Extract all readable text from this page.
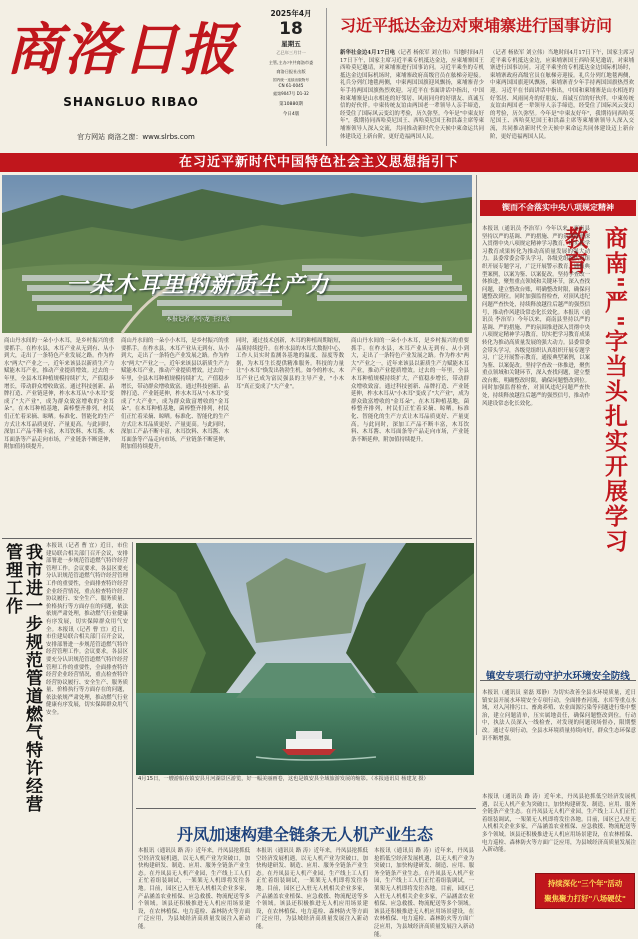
商洛日报
SHANGLUO RIBAO
官方网站 商洛之窗：www.slrbs.com
2025年4月
18
星期五
乙巳年三月廿一
主管,主办:中共商洛市委
商洛日报社出版
国内统一连续出版物号
CN 61-0045
総第9047号 D1-32
第10880期
今日4版
习近平抵达金边对柬埔寨进行国事访问
新华社金边4月17日电（记者 杨依军 刘立伟）当地时间4月17日下午，国家主席习近平乘专机抵达金边，应柬埔寨国王西哈莫尼邀请，对柬埔寨进行国事访问。习近平乘坐的专机抵达金边国际机场时，柬埔寨政府高级官员在舷梯旁迎接。礼兵分列红地毯两侧，中柬两国国旗迎风飘扬，柬埔寨青少年手持两国国旗热烈欢迎。习近平在书面讲话中指出，中国和柬埔寨是山水相连的好邻居、风雨同舟的好朋友、真诚互信的好伙伴。中柬传统友谊由两国老一辈领导人亲手缔造，经受住了国际风云变幻的考验，历久弥坚。今年是"中柬友好年"，我期待同西哈莫尼国王、西哈莫尼国王和洪森主席等柬埔寨领导人深入交流，共同推动新时代全天候中柬命运共同体建设迈上新台阶，更好造福两国人民。
（记者 杨依军 刘立伟）当地时间4月17日下午，国家主席习近平乘专机抵达金边，应柬埔寨国王西哈莫尼邀请，对柬埔寨进行国事访问。习近平乘坐的专机抵达金边国际机场时，柬埔寨政府高级官员在舷梯旁迎接。礼兵分列红地毯两侧，中柬两国国旗迎风飘扬，柬埔寨青少年手持两国国旗热烈欢迎。习近平在书面讲话中指出，中国和柬埔寨是山水相连的好邻居、风雨同舟的好朋友、真诚互信的好伙伴。中柬传统友谊由两国老一辈领导人亲手缔造，经受住了国际风云变幻的考验，历久弥坚。今年是"中柬友好年"，我期待同西哈莫尼国王、西哈莫尼国王和洪森主席等柬埔寨领导人深入交流，共同推动新时代全天候中柬命运共同体建设迈上新台阶，更好造福两国人民。
在习近平新时代中国特色社会主义思想指引下
一朵木耳里的新质生产力
本报记者 李小龙 王江波
商山丹水间的一朵小小木耳，是乡村振兴的重要抓手。在柞水县，木耳产业从无到有、从小到大，走出了一条特色产业发展之路。作为柞水"两大"产业之一，近年来该县以新质生产力赋能木耳产业，推动产业提质增效。过去的一年里，全县木耳种植规模持续扩大，产值稳步增长，带动群众增收致富。通过科技创新、品牌打造、产业链延伸，柞水木耳从"小木耳"变成了"大产业"，成为群众致富增收的"金耳朵"。在木耳种植基地，菌棒整齐排列，村民们正忙着采摘、晾晒。标准化、智能化的生产方式让木耳品质更好、产量更高。与此同时，深加工产品不断丰富，木耳饮料、木耳酱、木耳面条等产品走向市场，产业链条不断延伸，附加值持续提升。
商山丹水间的一朵小小木耳，是乡村振兴的重要抓手。在柞水县，木耳产业从无到有、从小到大，走出了一条特色产业发展之路。作为柞水"两大"产业之一，近年来该县以新质生产力赋能木耳产业，推动产业提质增效。过去的一年里，全县木耳种植规模持续扩大，产值稳步增长，带动群众增收致富。通过科技创新、品牌打造、产业链延伸，柞水木耳从"小木耳"变成了"大产业"，成为群众致富增收的"金耳朵"。在木耳种植基地，菌棒整齐排列，村民们正忙着采摘、晾晒。标准化、智能化的生产方式让木耳品质更好、产量更高。与此同时，深加工产品不断丰富，木耳饮料、木耳酱、木耳面条等产品走向市场，产业链条不断延伸，附加值持续提升。
同时，通过技术创新，木耳的种植周期缩短，品质持续提升。在柞水县的木耳大数据中心，工作人员实时监测各基地的温度、湿度等数据，为木耳生长提供精准服务。科技的力量让"小木耳"焕发出勃勃生机。如今的柞水，木耳产业已成为富民强县的主导产业，"小木耳"真正变成了"大产业"。
商山丹水间的一朵小小木耳，是乡村振兴的重要抓手。在柞水县，木耳产业从无到有、从小到大，走出了一条特色产业发展之路。作为柞水"两大"产业之一，近年来该县以新质生产力赋能木耳产业，推动产业提质增效。过去的一年里，全县木耳种植规模持续扩大，产值稳步增长，带动群众增收致富。通过科技创新、品牌打造、产业链延伸，柞水木耳从"小木耳"变成了"大产业"，成为群众致富增收的"金耳朵"。在木耳种植基地，菌棒整齐排列，村民们正忙着采摘、晾晒。标准化、智能化的生产方式让木耳品质更好、产量更高。与此同时，深加工产品不断丰富，木耳饮料、木耳酱、木耳面条等产品走向市场，产业链条不断延伸，附加值持续提升。
锲而不舍落实中央八项规定精神
商南"严"字当头扎实开展学习教育
本报讯（通讯员 李治军）今年以来，商南县坚持以严的基调、严的措施、严的氛围推进深入贯彻中央八项规定精神学习教育，切实把学习教育成果转化为推动高质量发展的强大动力。县委常委会带头学习，各级党组织认真组织开展专题学习，广泛开展警示教育，通报典型案例，以案为鉴、以案促改。坚持学查改一体推进，聚焦重点领域和关键环节，深入查找问题，建立整改台账，明确整改时限，确保问题整改到位。同时加强监督检查，对顶风违纪问题严查快处，持续释放越往后越严的强烈信号，推动作风建设常态化长效化。本报讯（通讯员 李治军）今年以来，商南县坚持以严的基调、严的措施、严的氛围推进深入贯彻中央八项规定精神学习教育，切实把学习教育成果转化为推动高质量发展的强大动力。县委常委会带头学习，各级党组织认真组织开展专题学习，广泛开展警示教育，通报典型案例，以案为鉴、以案促改。坚持学查改一体推进，聚焦重点领域和关键环节，深入查找问题，建立整改台账，明确整改时限，确保问题整改到位。同时加强监督检查，对顶风违纪问题严查快处，持续释放越往后越严的强烈信号，推动作风建设常态化长效化。
镇安专项行动守护水环境安全防线
本报讯（通讯员 童磊 郑静）为切实改善全县水环境质量，近日镇安县开展水环境安全专项行动，全面排查河流、水库等重点水域，对入河排污口、畜禽养殖、农业面源污染等问题进行集中整治，建立问题清单，压实属地责任，确保问题整改到位。行动中，执法人员深入一线检查，对发现的问题现场督办，限期整改。通过专项行动，全县水环境质量持续向好，群众生态环保意识不断增强。
我市进一步规范管道燃气特许经营管理工作	本报讯（记者 曹 宜）近日，市住建局联合相关部门召开会议，安排部署进一步规范管道燃气特许经营管理工作。会议要求，各县区要充分认识规范管道燃气特许经营管理工作的重要性，全面排查特许经营企业经营情况，重点检查特许经营协议履行、安全生产、服务质量、价格执行等方面存在的问题，依法依规严肃处理，推动燃气行业健康有序发展，切实保障群众用气安全。本报讯（记者 曹 宜）近日，市住建局联合相关部门召开会议，安排部署进一步规范管道燃气特许经营管理工作。会议要求，各县区要充分认识规范管道燃气特许经营管理工作的重要性，全面排查特许经营企业经营情况，重点检查特许经营协议履行、安全生产、服务质量、价格执行等方面存在的问题，依法依规严肃处理，推动燃气行业健康有序发展，切实保障群众用气安全。
4月15日，一艘游船在镇安县月河湖景区游览，好一幅美丽画卷，这也是镇安县全域旅游发展的缩影。（本报通讯员 杨建龙 摄）
丹凤加速构建全链条无人机产业生态
本报讯（通讯员 路 涛）近年来，丹凤县抢抓低空经济发展机遇，以无人机产业为突破口，加快构建研发、制造、应用、服务全链条产业生态。在丹凤县无人机产业园，生产线上工人们正忙着组装调试，一架架无人机即将发往各地。目前，园区已入驻无人机相关企业多家，产品涵盖农业植保、应急救援、物流配送等多个领域。该县还积极推进无人机应用场景建设，在农林植保、电力巡检、森林防火等方面广泛应用，为县域经济高质量发展注入新动能。
本报讯（通讯员 路 涛）近年来，丹凤县抢抓低空经济发展机遇，以无人机产业为突破口，加快构建研发、制造、应用、服务全链条产业生态。在丹凤县无人机产业园，生产线上工人们正忙着组装调试，一架架无人机即将发往各地。目前，园区已入驻无人机相关企业多家，产品涵盖农业植保、应急救援、物流配送等多个领域。该县还积极推进无人机应用场景建设，在农林植保、电力巡检、森林防火等方面广泛应用，为县域经济高质量发展注入新动能。
本报讯（通讯员 路 涛）近年来，丹凤县抢抓低空经济发展机遇，以无人机产业为突破口，加快构建研发、制造、应用、服务全链条产业生态。在丹凤县无人机产业园，生产线上工人们正忙着组装调试，一架架无人机即将发往各地。目前，园区已入驻无人机相关企业多家，产品涵盖农业植保、应急救援、物流配送等多个领域。该县还积极推进无人机应用场景建设，在农林植保、电力巡检、森林防火等方面广泛应用，为县域经济高质量发展注入新动能。
本报讯（通讯员 路 涛）近年来，丹凤县抢抓低空经济发展机遇，以无人机产业为突破口，加快构建研发、制造、应用、服务全链条产业生态。在丹凤县无人机产业园，生产线上工人们正忙着组装调试，一架架无人机即将发往各地。目前，园区已入驻无人机相关企业多家，产品涵盖农业植保、应急救援、物流配送等多个领域。该县还积极推进无人机应用场景建设，在农林植保、电力巡检、森林防火等方面广泛应用，为县域经济高质量发展注入新动能。
持续深化"三个年"活动
聚焦聚力打好"八场硬仗"
